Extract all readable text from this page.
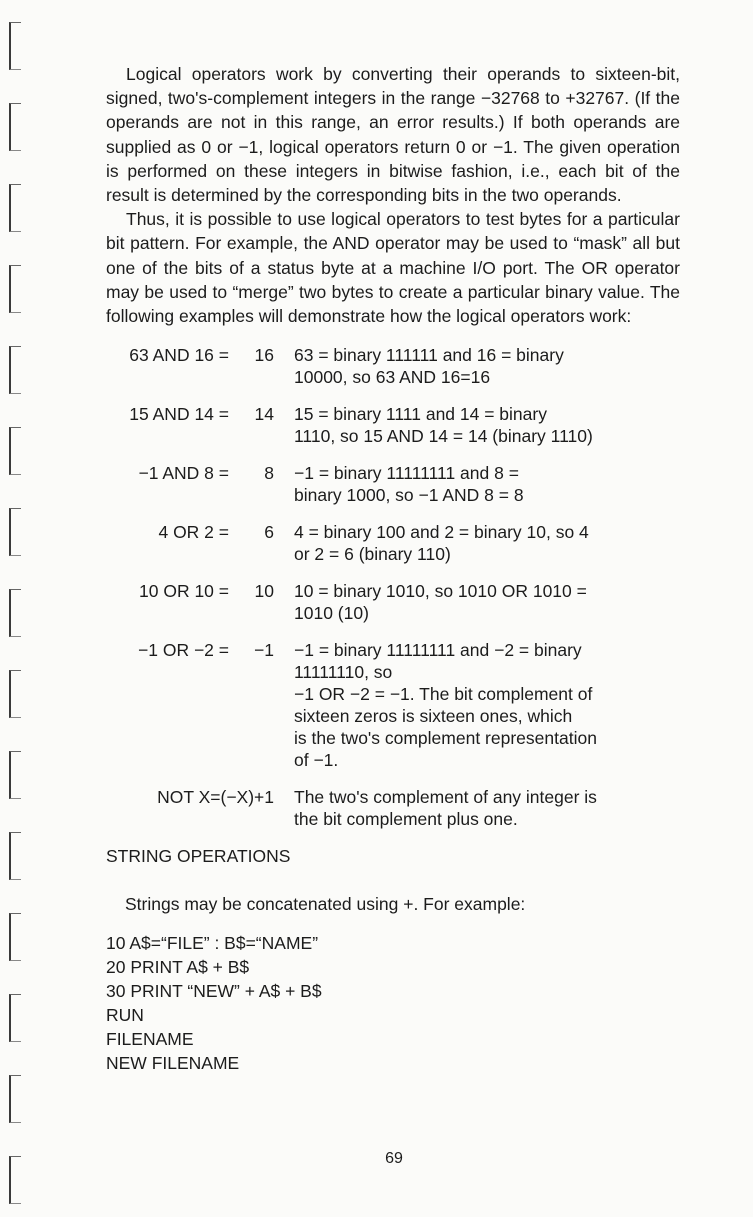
Logical operators work by converting their operands to sixteen-bit, signed, two's-complement integers in the range −32768 to +32767. (If the operands are not in this range, an error results.) If both operands are supplied as 0 or −1, logical operators return 0 or −1. The given operation is performed on these integers in bitwise fashion, i.e., each bit of the result is determined by the corresponding bits in the two operands.

Thus, it is possible to use logical operators to test bytes for a particular bit pattern. For example, the AND operator may be used to “mask” all but one of the bits of a status byte at a machine I/O port. The OR operator may be used to “merge” two bytes to create a particular binary value. The following examples will demonstrate how the logical operators work:

63 AND 16 =	16 63 = binary 111111 and 16 = binary
10000, so 63 AND 16=16
15 AND 14 =	14 15 = binary 1111 and 14 = binary
1110, so 15 AND 14 = 14 (binary 1110)
−1 AND 8 =	8 −1 = binary 11111111 and 8 =
binary 1000, so −1 AND 8 = 8
4 OR 2 =	6 4 = binary 100 and 2 = binary 10, so 4
or 2 = 6 (binary 110)
10 OR 10 =	10 10 = binary 1010, so 1010 OR 1010 =
1010 (10)
−1 OR −2 =	−1 −1 = binary 11111111 and −2 = binary
11111110, so
−1 OR −2 = −1. The bit complement of
sixteen zeros is sixteen ones, which
is the two's complement representation
of −1.
NOT X=(−X)+1 The two's complement of any integer is
the bit complement plus one.
STRING OPERATIONS
Strings may be concatenated using +. For example:
10 A$=“FILE” : B$=“NAME”
20 PRINT A$ + B$
30 PRINT “NEW” + A$ + B$
RUN
FILENAME
NEW FILENAME
69
